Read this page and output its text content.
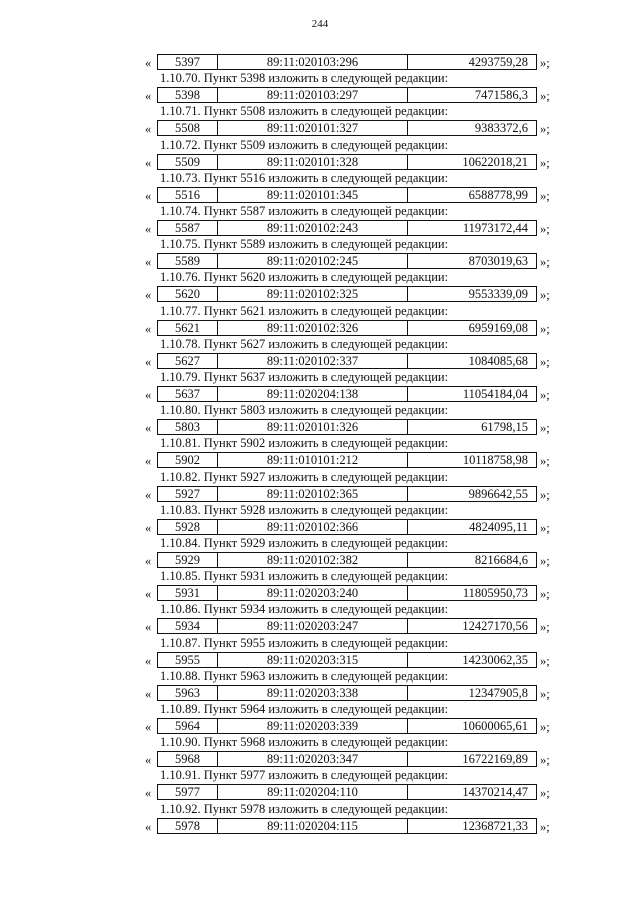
244
«	5397	89:11:020103:296	4293759,28 »;
1.10.70. Пункт 5398 изложить в следующей редакции:
«	5398	89:11:020103:297	7471586,3 »;
1.10.71. Пункт 5508 изложить в следующей редакции:
«	5508	89:11:020101:327	9383372,6 »;
1.10.72. Пункт 5509 изложить в следующей редакции:
«	5509	89:11:020101:328	10622018,21 »;
1.10.73. Пункт 5516 изложить в следующей редакции:
«	5516	89:11:020101:345	6588778,99 »;
1.10.74. Пункт 5587 изложить в следующей редакции:
«	5587	89:11:020102:243	11973172,44 »;
1.10.75. Пункт 5589 изложить в следующей редакции:
«	5589	89:11:020102:245	8703019,63 »;
1.10.76. Пункт 5620 изложить в следующей редакции:
«	5620	89:11:020102:325	9553339,09 »;
1.10.77. Пункт 5621 изложить в следующей редакции:
«	5621	89:11:020102:326	6959169,08 »;
1.10.78. Пункт 5627 изложить в следующей редакции:
«	5627	89:11:020102:337	1084085,68 »;
1.10.79. Пункт 5637 изложить в следующей редакции:
«	5637	89:11:020204:138	11054184,04 »;
1.10.80. Пункт 5803 изложить в следующей редакции:
«	5803	89:11:020101:326	61798,15 »;
1.10.81. Пункт 5902 изложить в следующей редакции:
«	5902	89:11:010101:212	10118758,98 »;
1.10.82. Пункт 5927 изложить в следующей редакции:
«	5927	89:11:020102:365	9896642,55 »;
1.10.83. Пункт 5928 изложить в следующей редакции:
«	5928	89:11:020102:366	4824095,11 »;
1.10.84. Пункт 5929 изложить в следующей редакции:
«	5929	89:11:020102:382	8216684,6 »;
1.10.85. Пункт 5931 изложить в следующей редакции:
«	5931	89:11:020203:240	11805950,73 »;
1.10.86. Пункт 5934 изложить в следующей редакции:
«	5934	89:11:020203:247	12427170,56 »;
1.10.87. Пункт 5955 изложить в следующей редакции:
«	5955	89:11:020203:315	14230062,35 »;
1.10.88. Пункт 5963 изложить в следующей редакции:
«	5963	89:11:020203:338	12347905,8 »;
1.10.89. Пункт 5964 изложить в следующей редакции:
«	5964	89:11:020203:339	10600065,61 »;
1.10.90. Пункт 5968 изложить в следующей редакции:
«	5968	89:11:020203:347	16722169,89 »;
1.10.91. Пункт 5977 изложить в следующей редакции:
«	5977	89:11:020204:110	14370214,47 »;
1.10.92. Пункт 5978 изложить в следующей редакции:
«	5978	89:11:020204:115	12368721,33 »;
